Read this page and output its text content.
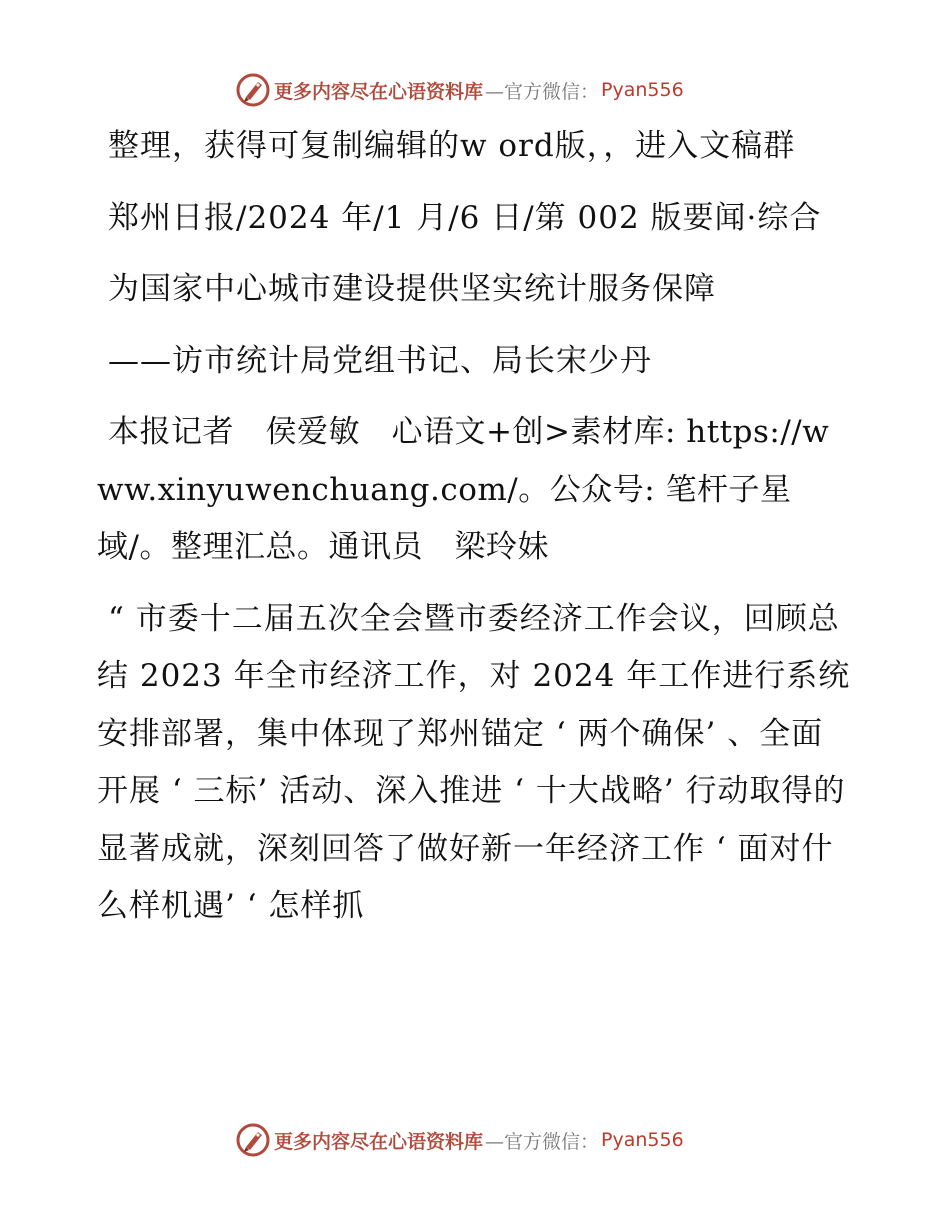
更多内容尽在心语资料库 —官方微信： Pyan556

整理，获得可复制编辑的w ord版，，进入文稿群

郑州日报/2024 年/1 月/6 日/第 002 版要闻·综合

为国家中心城市建设提供坚实统计服务保障

——访市统计局党组书记、局长宋少丹

本报记者　侯爱敏　心语文+创>素材库: https://www.xinyuwenchuang.com/。公众号: 笔杆子星域/。整理汇总。通讯员　梁玲妹

“ 市委十二届五次全会暨市委经济工作会议，回顾总结 2023 年全市经济工作，对 2024 年工作进行系统安排部署，集中体现了郑州锚定 ‘ 两个确保’ 、全面开展 ‘ 三标’ 活动、深入推进 ‘ 十大战略’ 行动取得的显著成就，深刻回答了做好新一年经济工作 ‘ 面对什么样机遇’ ‘ 怎样抓

更多内容尽在心语资料库 —官方微信： Pyan556
